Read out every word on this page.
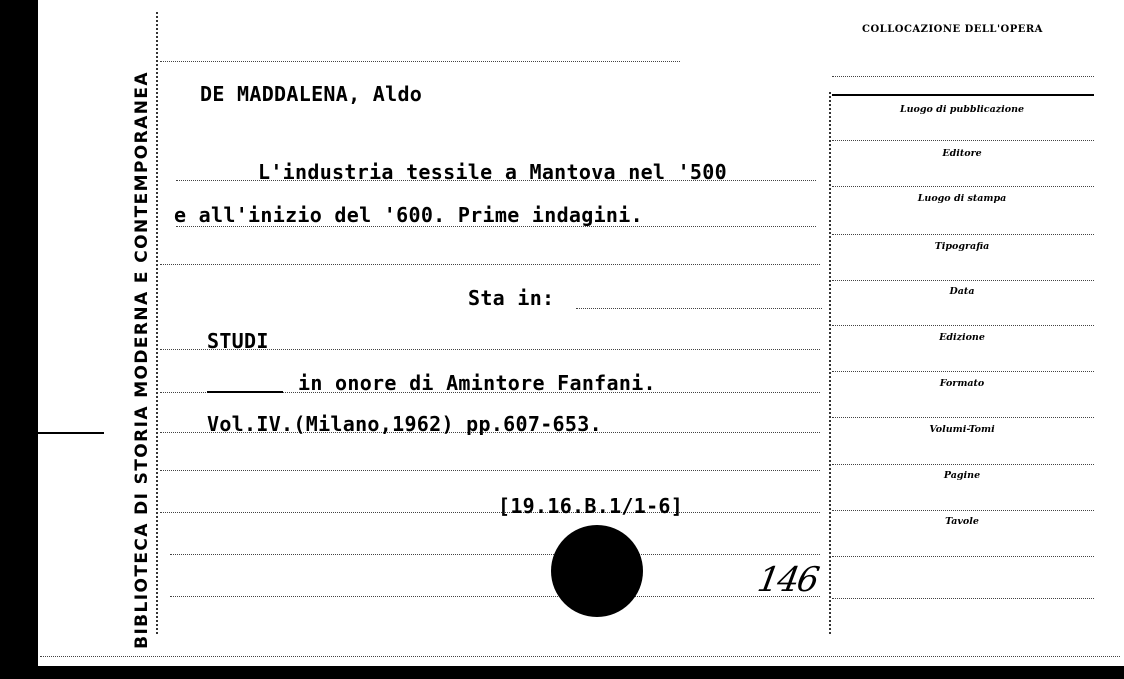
BIBLIOTECA DI STORIA MODERNA E CONTEMPORANEA
COLLOCAZIONE DELL'OPERA
Luogo di pubblicazione
Editore
Luogo di stampa
Tipografia
Data
Edizione
Formato
Volumi-Tomi
Pagine
Tavole
DE MADDALENA, Aldo
L'industria tessile a Mantova nel '500
e all'inizio del '600. Prime indagini.
Sta in:
STUDI
in onore di Amintore Fanfani.
Vol.IV.(Milano,1962) pp.607-653.
[19.16.B.1/1-6]
146
